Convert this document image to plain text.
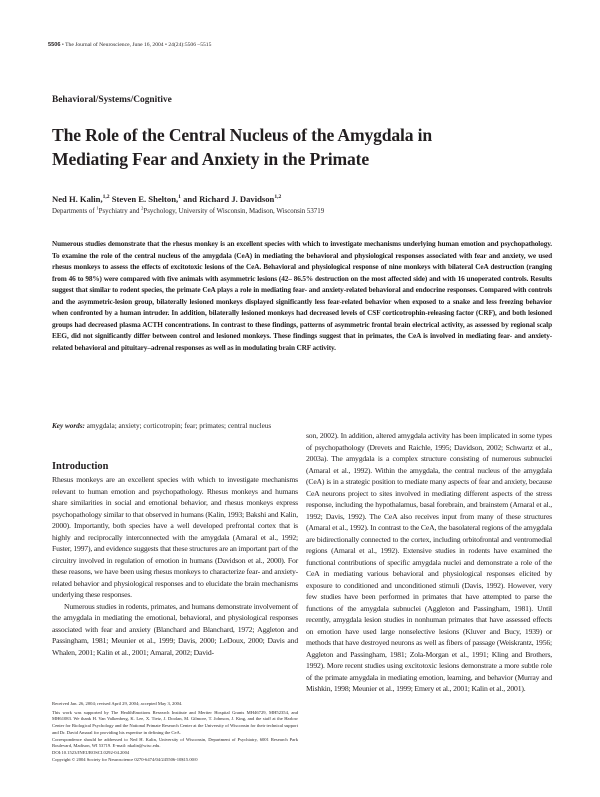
5506 • The Journal of Neuroscience, June 16, 2004 • 24(24):5506 –5515
Behavioral/Systems/Cognitive
The Role of the Central Nucleus of the Amygdala in Mediating Fear and Anxiety in the Primate
Ned H. Kalin,$^{1,2}$ Steven E. Shelton,$^1$ and Richard J. Davidson$^{1,2}$
Departments of $^1$Psychiatry and $^2$Psychology, University of Wisconsin, Madison, Wisconsin 53719
Numerous studies demonstrate that the rhesus monkey is an excellent species with which to investigate mechanisms underlying human emotion and psychopathology. To examine the role of the central nucleus of the amygdala (CeA) in mediating the behavioral and physiological responses associated with fear and anxiety, we used rhesus monkeys to assess the effects of excitotoxic lesions of the CeA. Behavioral and physiological response of nine monkeys with bilateral CeA destruction (ranging from 46 to 98%) were compared with five animals with asymmetric lesions (42– 86.5% destruction on the most affected side) and with 16 unoperated controls. Results suggest that similar to rodent species, the primate CeA plays a role in mediating fear- and anxiety-related behavioral and endocrine responses. Compared with controls and the asymmetric-lesion group, bilaterally lesioned monkeys displayed significantly less fear-related behavior when exposed to a snake and less freezing behavior when confronted by a human intruder. In addition, bilaterally lesioned monkeys had decreased levels of CSF corticotrophin-releasing factor (CRF), and both lesioned groups had decreased plasma ACTH concentrations. In contrast to these findings, patterns of asymmetric frontal brain electrical activity, as assessed by regional scalp EEG, did not significantly differ between control and lesioned monkeys. These findings suggest that in primates, the CeA is involved in mediating fear- and anxiety-related behavioral and pituitary–adrenal responses as well as in modulating brain CRF activity.
Key words: amygdala; anxiety; corticotropin; fear; primates; central nucleus
Introduction

Rhesus monkeys are an excellent species with which to investigate mechanisms relevant to human emotion and psychopathology. Rhesus monkeys and humans share similarities in social and emotional behavior, and rhesus monkeys express psychopathology similar to that observed in humans (Kalin, 1993; Bakshi and Kalin, 2000). Importantly, both species have a well developed prefrontal cortex that is highly and reciprocally interconnected with the amygdala (Amaral et al., 1992; Fuster, 1997), and evidence suggests that these structures are an important part of the circuitry involved in regulation of emotion in humans (Davidson et al., 2000). For these reasons, we have been using rhesus monkeys to characterize fear- and anxiety-related behavior and physiological responses and to elucidate the brain mechanisms underlying these responses.

Numerous studies in rodents, primates, and humans demonstrate involvement of the amygdala in mediating the emotional, behavioral, and physiological responses associated with fear and anxiety (Blanchard and Blanchard, 1972; Aggleton and Passingham, 1981; Meunier et al., 1999; Davis, 2000; LeDoux, 2000; Davis and Whalen, 2001; Kalin et al., 2001; Amaral, 2002; David-

son, 2002). In addition, altered amygdala activity has been implicated in some types of psychopathology (Drevets and Raichle, 1995; Davidson, 2002; Schwartz et al., 2003a). The amygdala is a complex structure consisting of numerous subnuclei (Amaral et al., 1992). Within the amygdala, the central nucleus of the amygdala (CeA) is in a strategic position to mediate many aspects of fear and anxiety, because CeA neurons project to sites involved in mediating different aspects of the stress response, including the hypothalamus, basal forebrain, and brainstem (Amaral et al., 1992; Davis, 1992). The CeA also receives input from many of these structures (Amaral et al., 1992). In contrast to the CeA, the basolateral regions of the amygdala are bidirectionally connected to the cortex, including orbitofrontal and ventromedial regions (Amaral et al., 1992). Extensive studies in rodents have examined the functional contributions of specific amygdala nuclei and demonstrate a role of the CeA in mediating various behavioral and physiological responses elicited by exposure to conditioned and unconditioned stimuli (Davis, 1992). However, very few studies have been performed in primates that have attempted to parse the functions of the amygdala subnuclei (Aggleton and Passingham, 1981). Until recently, amygdala lesion studies in nonhuman primates that have assessed effects on emotion have used large nonselective lesions (Kluver and Bucy, 1939) or methods that have destroyed neurons as well as fibers of passage (Weiskrantz, 1956; Aggleton and Passingham, 1981; Zola-Morgan et al., 1991; Kling and Brothers, 1992). More recent studies using excitotoxic lesions demonstrate a more subtle role of the primate amygdala in mediating emotion, learning, and behavior (Murray and Mishkin, 1998; Meunier et al., 1999; Emery et al., 2001; Kalin et al., 2001).

Received Jan. 26, 2004; revised April 29, 2004; accepted May 3, 2004.

This work was supported by The HealthEmotions Research Institute and Meriter Hospital Grants MH46729, MH52354, and MH61083. We thank H. Van Valkenberg, K. Lee, X. Tietz, J. Doolan, M. Gilmore, T. Johnson, J. King, and the staff at the Harlow Center for Biological Psychology and the National Primate Research Center at the University of Wisconsin for their technical support and Dr. David Amaral for providing his expertise in defining the CeA.

Correspondence should be addressed to Ned H. Kalin, University of Wisconsin, Department of Psychiatry, 6001 Research Park Boulevard, Madison, WI 53719. E-mail: nkalin@wisc.edu.

DOI:10.1523/JNEUROSCI.0292-04.2004

Copyright © 2004 Society for Neuroscience 0270-6474/04/245506-10$15.00/0
